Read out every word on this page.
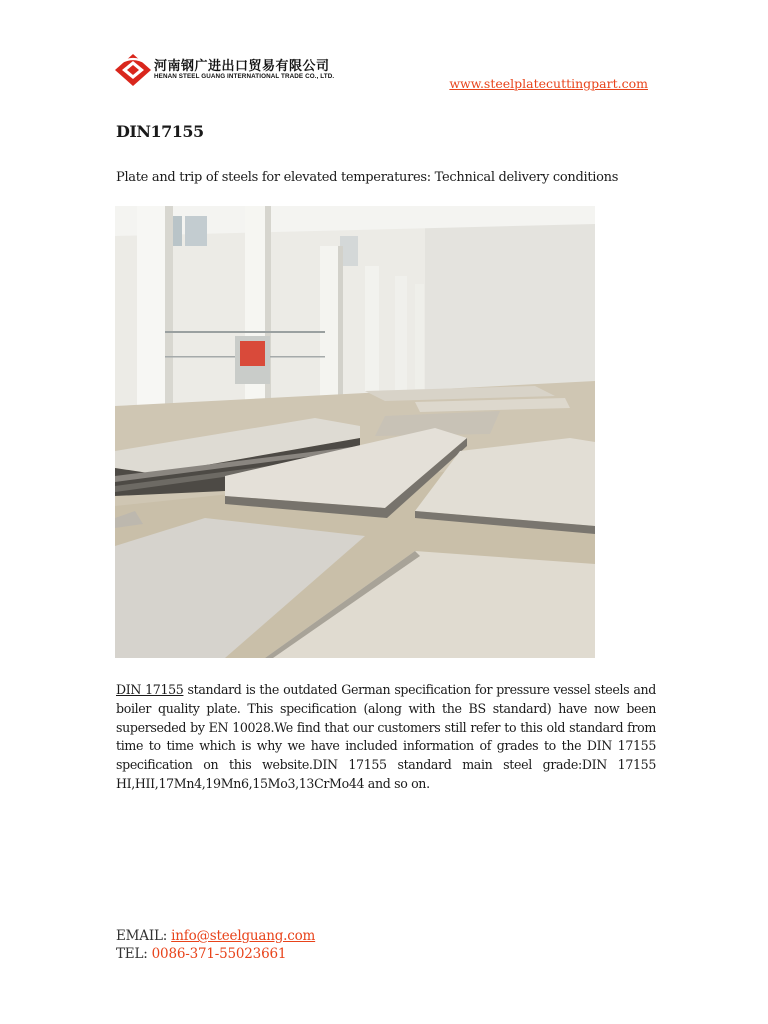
河南钢广进出口贸易有限公司
HENAN STEEL GUANG INTERNATIONAL TRADE CO., LTD.	www.steelplatecuttingpart.com
DIN17155
Plate and trip of steels for elevated temperatures: Technical delivery conditions
DIN 17155 standard is the outdated German specification for pressure vessel steels and boiler quality plate. This specification (along with the BS standard) have now been superseded by EN 10028.We find that our customers still refer to this old standard from time to time which is why we have included information of grades to the DIN 17155 specification on this website.DIN 17155 standard main steel grade:DIN 17155 HI,HII,17Mn4,19Mn6,15Mo3,13CrMo44 and so on.
EMAIL: info@steelguang.com
TEL: 0086-371-55023661
